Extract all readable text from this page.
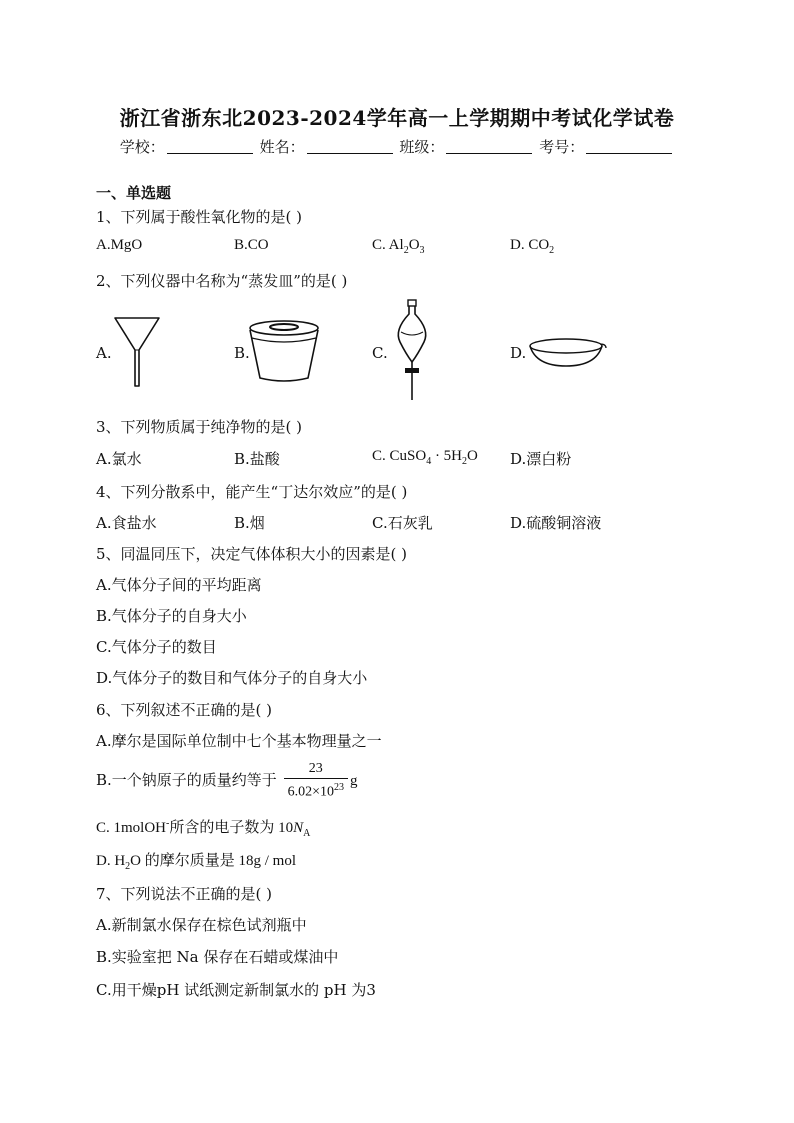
浙江省浙东北2023-2024学年高一上学期期中考试化学试卷
学校：	姓名：	班级：	考号：
一、单选题
1、下列属于酸性氧化物的是( )
A.MgO	B.CO	C. $Al_2O_3$	D. $CO_2$
2、下列仪器中名称为“蒸发皿”的是( )
A.	B.	C.	D.
3、下列物质属于纯净物的是( )
A.氯水	B.盐酸	C. CuSO$_4$ · $5H_2O$ D.漂白粉
4、下列分散系中，能产生“丁达尔效应”的是( )
A.食盐水	B.烟	C.石灰乳	D.硫酸铜溶液
5、同温同压下，决定气体体积大小的因素是( )
A.气体分子间的平均距离
B.气体分子的自身大小
C.气体分子的数目
D.气体分子的数目和气体分子的自身大小
6、下列叙述不正确的是( )
A.摩尔是国际单位制中七个基本物理量之一
B.一个钠原子的质量约等于 $\frac{23}{6.02\times 10^{23}}$ g
C. 1molOH-所含的电子数为 $10N_A$
D. $H_2O$ 的摩尔质量是 18g / mol
7、下列说法不正确的是( )
A.新制氯水保存在棕色试剂瓶中
B.实验室把 Na 保存在石蜡或煤油中
C.用干燥pH 试纸测定新制氯水的 pH 为3
